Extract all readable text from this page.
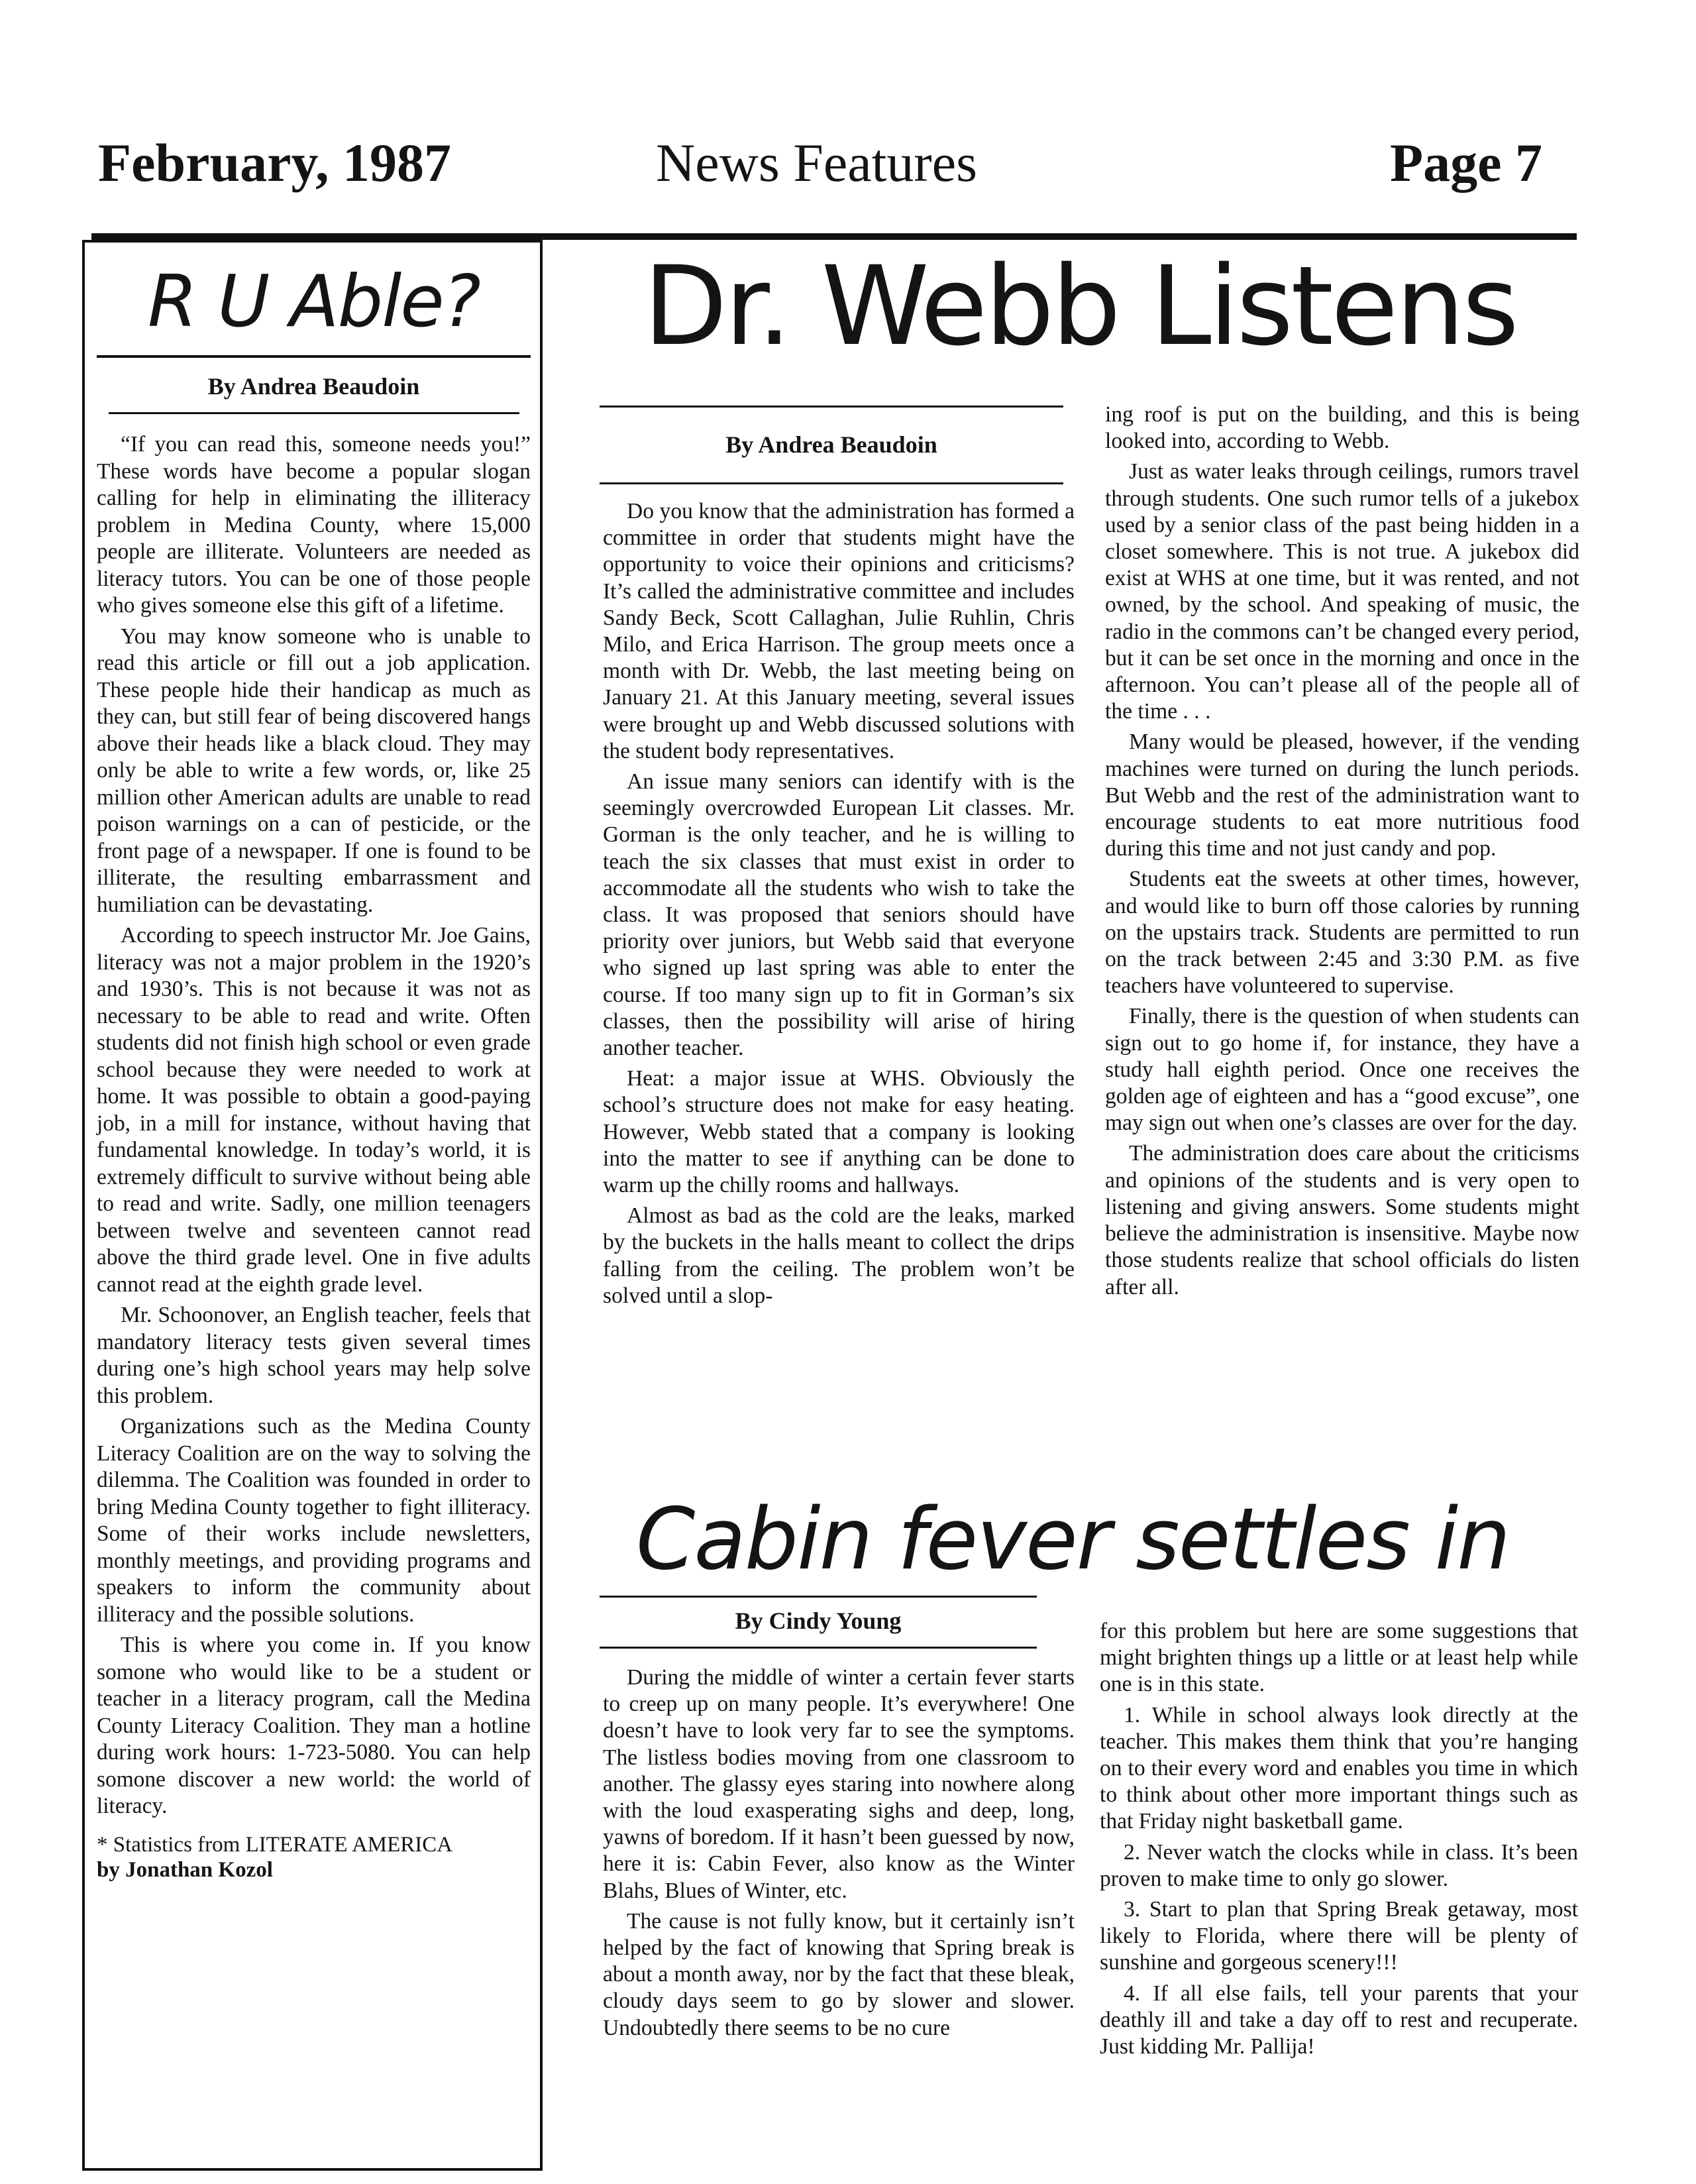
February, 1987	News Features	Page 7
R U Able?
By Andrea Beaudoin

“If you can read this, someone needs you!” These words have become a popular slogan calling for help in eliminating the illiteracy problem in Medina County, where 15,000 people are illiterate. Volunteers are needed as literacy tutors. You can be one of those people who gives someone else this gift of a lifetime.

You may know someone who is unable to read this article or fill out a job application. These people hide their handicap as much as they can, but still fear of being discovered hangs above their heads like a black cloud. They may only be able to write a few words, or, like 25 million other American adults are unable to read poison warnings on a can of pesticide, or the front page of a newspaper. If one is found to be illiterate, the resulting embarrassment and humiliation can be devastating.

According to speech instructor Mr. Joe Gains, literacy was not a major problem in the 1920’s and 1930’s. This is not because it was not as necessary to be able to read and write. Often students did not finish high school or even grade school because they were needed to work at home. It was possible to obtain a good-paying job, in a mill for instance, without having that fundamental knowledge. In today’s world, it is extremely difficult to survive without being able to read and write. Sadly, one million teenagers between twelve and seventeen cannot read above the third grade level. One in five adults cannot read at the eighth grade level.

Mr. Schoonover, an English teacher, feels that mandatory literacy tests given several times during one’s high school years may help solve this problem.

Organizations such as the Medina County Literacy Coalition are on the way to solving the dilemma. The Coalition was founded in order to bring Medina County together to fight illiteracy. Some of their works include newsletters, monthly meetings, and providing programs and speakers to inform the community about illiteracy and the possible solutions.

This is where you come in. If you know somone who would like to be a student or teacher in a literacy program, call the Medina County Literacy Coalition. They man a hotline during work hours: 1-723-5080. You can help somone discover a new world: the world of literacy.

* Statistics from LITERATE AMERICA
by Jonathan Kozol
Dr. Webb Listens
By Andrea Beaudoin

Do you know that the administration has formed a committee in order that students might have the opportunity to voice their opinions and criticisms? It’s called the administrative committee and includes Sandy Beck, Scott Callaghan, Julie Ruhlin, Chris Milo, and Erica Harrison. The group meets once a month with Dr. Webb, the last meeting being on January 21. At this January meeting, several issues were brought up and Webb discussed solutions with the student body representatives.

An issue many seniors can identify with is the seemingly overcrowded European Lit classes. Mr. Gorman is the only teacher, and he is willing to teach the six classes that must exist in order to accommodate all the students who wish to take the class. It was proposed that seniors should have priority over juniors, but Webb said that everyone who signed up last spring was able to enter the course. If too many sign up to fit in Gorman’s six classes, then the possibility will arise of hiring another teacher.

Heat: a major issue at WHS. Obviously the school’s structure does not make for easy heating. However, Webb stated that a company is looking into the matter to see if anything can be done to warm up the chilly rooms and hallways.

Almost as bad as the cold are the leaks, marked by the buckets in the halls meant to collect the drips falling from the ceiling. The problem won’t be solved until a slop-

ing roof is put on the building, and this is being looked into, according to Webb.

Just as water leaks through ceilings, rumors travel through students. One such rumor tells of a jukebox used by a senior class of the past being hidden in a closet somewhere. This is not true. A jukebox did exist at WHS at one time, but it was rented, and not owned, by the school. And speaking of music, the radio in the commons can’t be changed every period, but it can be set once in the morning and once in the afternoon. You can’t please all of the people all of the time . . .

Many would be pleased, however, if the vending machines were turned on during the lunch periods. But Webb and the rest of the administration want to encourage students to eat more nutritious food during this time and not just candy and pop.

Students eat the sweets at other times, however, and would like to burn off those calories by running on the upstairs track. Students are permitted to run on the track between 2:45 and 3:30 P.M. as five teachers have volunteered to supervise.

Finally, there is the question of when students can sign out to go home if, for instance, they have a study hall eighth period. Once one receives the golden age of eighteen and has a “good excuse”, one may sign out when one’s classes are over for the day.

The administration does care about the criticisms and opinions of the students and is very open to listening and giving answers. Some students might believe the administration is insensitive. Maybe now those students realize that school officials do listen after all.

Cabin fever settles in
By Cindy Young

During the middle of winter a certain fever starts to creep up on many people. It’s everywhere! One doesn’t have to look very far to see the symptoms. The listless bodies moving from one classroom to another. The glassy eyes staring into nowhere along with the loud exasperating sighs and deep, long, yawns of boredom. If it hasn’t been guessed by now, here it is: Cabin Fever, also know as the Winter Blahs, Blues of Winter, etc.

The cause is not fully know, but it certainly isn’t helped by the fact of knowing that Spring break is about a month away, nor by the fact that these bleak, cloudy days seem to go by slower and slower. Undoubtedly there seems to be no cure

for this problem but here are some suggestions that might brighten things up a little or at least help while one is in this state.

1. While in school always look directly at the teacher. This makes them think that you’re hanging on to their every word and enables you time in which to think about other more important things such as that Friday night basketball game.

2. Never watch the clocks while in class. It’s been proven to make time to only go slower.

3. Start to plan that Spring Break getaway, most likely to Florida, where there will be plenty of sunshine and gorgeous scenery!!!

4. If all else fails, tell your parents that your deathly ill and take a day off to rest and recuperate. Just kidding Mr. Pallija!
